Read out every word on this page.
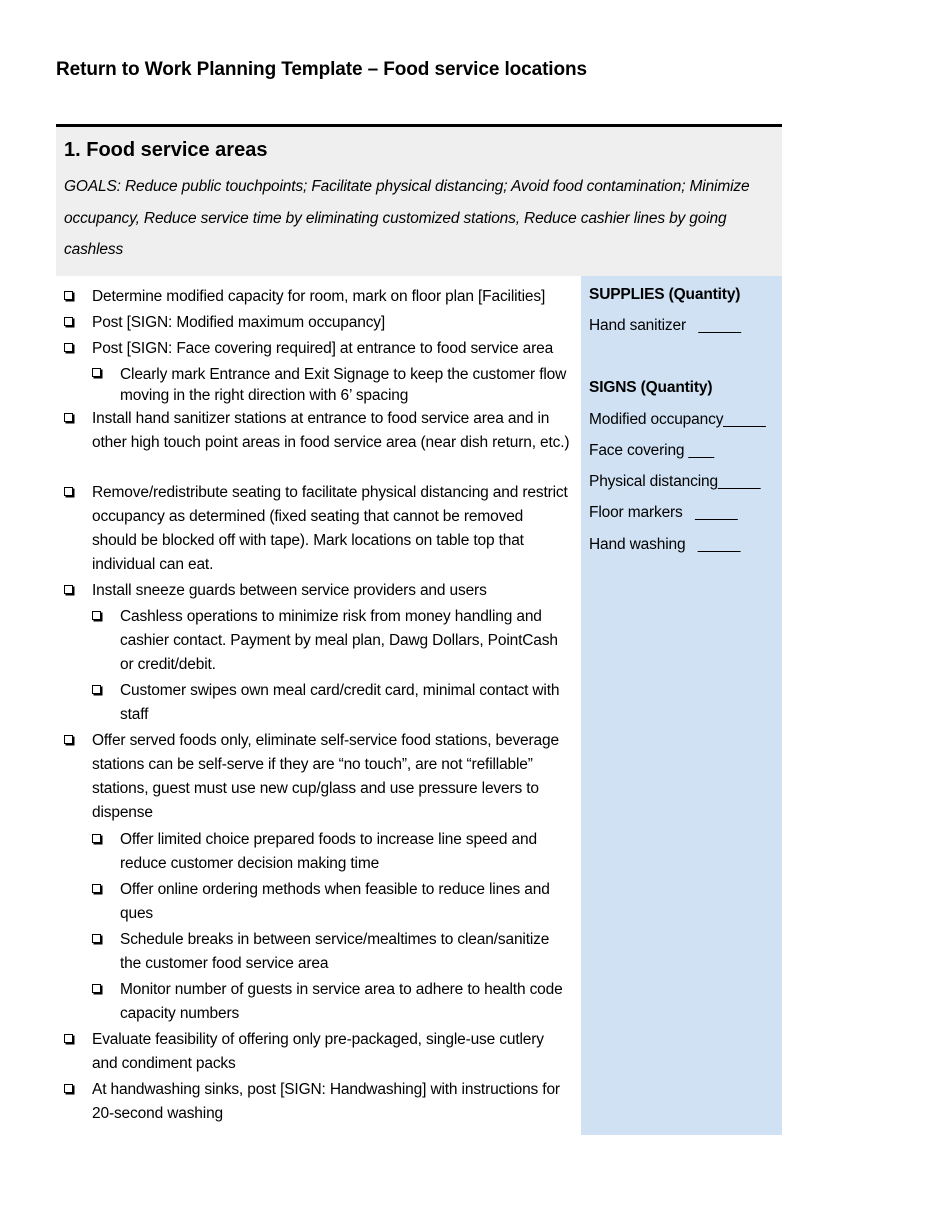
Return to Work Planning Template – Food service locations
1. Food service areas

GOALS: Reduce public touchpoints; Facilitate physical distancing; Avoid food contamination; Minimize occupancy, Reduce service time by eliminating customized stations, Reduce cashier lines by going cashless

Determine modified capacity for room, mark on floor plan [Facilities]
Post [SIGN: Modified maximum occupancy]
Post [SIGN: Face covering required] at entrance to food service area
Clearly mark Entrance and Exit Signage to keep the customer flow moving in the right direction with 6’ spacing
Install hand sanitizer stations at entrance to food service area and in other high touch point areas in food service area (near dish return, etc.)
Remove/redistribute seating to facilitate physical distancing and restrict occupancy as determined (fixed seating that cannot be removed should be blocked off with tape). Mark locations on table top that individual can eat.
Install sneeze guards between service providers and users
Cashless operations to minimize risk from money handling and cashier contact. Payment by meal plan, Dawg Dollars, PointCash or credit/debit.
Customer swipes own meal card/credit card, minimal contact with staff
Offer served foods only, eliminate self-service food stations, beverage stations can be self-serve if they are “no touch”, are not “refillable” stations, guest must use new cup/glass and use pressure levers to dispense
Offer limited choice prepared foods to increase line speed and reduce customer decision making time
Offer online ordering methods when feasible to reduce lines and ques
Schedule breaks in between service/mealtimes to clean/sanitize the customer food service area
Monitor number of guests in service area to adhere to health code capacity numbers
Evaluate feasibility of offering only pre-packaged, single-use cutlery and condiment packs
At handwashing sinks, post [SIGN: Handwashing] with instructions for 20-second washing
SUPPLIES (Quantity)
Hand sanitizer   _____
SIGNS (Quantity)
Modified occupancy_____
Face covering ___
Physical distancing_____
Floor markers   _____
Hand washing   _____
